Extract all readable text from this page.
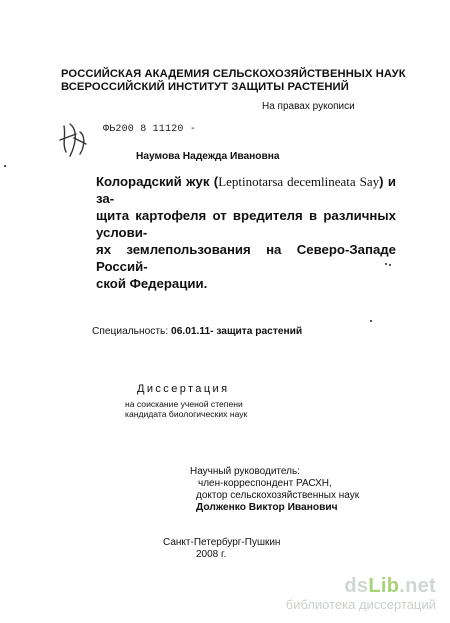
РОССИЙСКАЯ АКАДЕМИЯ СЕЛЬСКОХОЗЯЙСТВЕННЫХ НАУК
ВСЕРОССИЙСКИЙ ИНСТИТУТ ЗАЩИТЫ РАСТЕНИЙ
На правах рукописи
ФЬ200 8 11120 -
Наумова Надежда Ивановна
Колорадский жук (Leptinotarsa decemlineata Say) и за-
щита картофеля от вредителя в различных услови-
ях землепользования на Северо-Западе Россий-
ской Федерации.
Специальность: 06.01.11- защита растений
Диссертация
на соискание ученой степени
кандидата биологических наук
Научный руководитель:
член-корреспондент РАСХН,
доктор сельскохозяйственных наук
Долженко Виктор Иванович
Санкт-Петербург-Пушкин
2008 г.
dsLib.net
библиотека диссертаций
